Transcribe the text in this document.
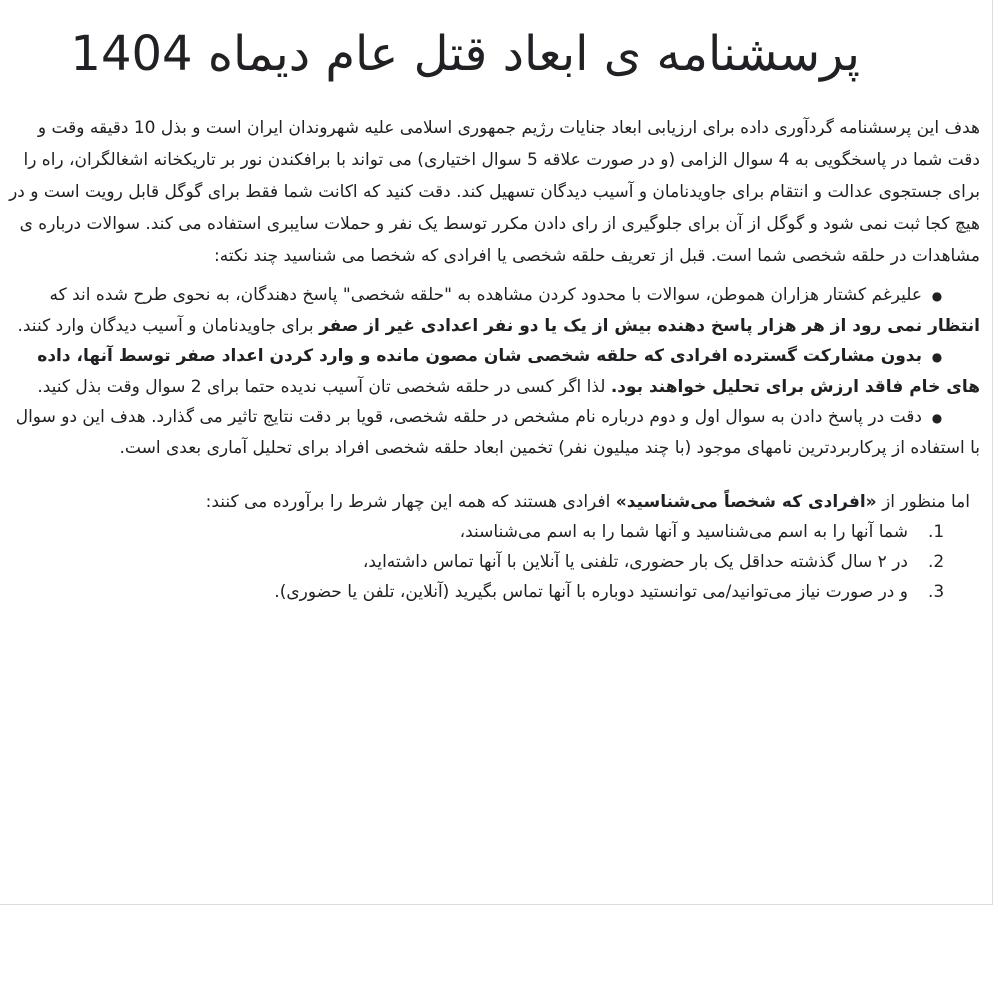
پرسشنامه ی ابعاد قتل عام دیماه 1404
هدف این پرسشنامه گردآوری داده برای ارزیابی ابعاد جنایات رژیم جمهوری اسلامی علیه شهروندان ایران است و بذل 10 دقیقه وقت و دقت شما در پاسخگویی به 4 سوال الزامی (و در صورت علاقه 5 سوال اختیاری) می تواند با برافکندن نور بر تاریکخانه اشغالگران، راه را برای جستجوی عدالت و انتقام برای جاویدنامان و آسیب دیدگان تسهیل کند. دقت کنید که اکانت شما فقط برای گوگل قابل رویت است و در هیچ کجا ثبت نمی شود و گوگل از آن برای جلوگیری از رای دادن مکرر توسط یک نفر و حملات سایبری استفاده می کند. سوالات درباره ی مشاهدات در حلقه شخصی شما است. قبل از تعریف حلقه شخصی یا افرادی که شخصا می شناسید چند نکته:
●علیرغم کشتار هزاران هموطن، سوالات با محدود کردن مشاهده به "حلقه شخصی" پاسخ دهندگان، به نحوی طرح شده اند که انتظار نمی رود از هر هزار پاسخ دهنده بیش از یک یا دو نفر اعدادی غیر از صفر برای جاویدنامان و آسیب دیدگان وارد کنند.
●بدون مشارکت گسترده افرادی که حلقه شخصی شان مصون مانده و وارد کردن اعداد صفر توسط آنها، داده های خام فاقد ارزش برای تحلیل خواهند بود. لذا اگر کسی در حلقه شخصی تان آسیب ندیده حتما برای 2 سوال وقت بذل کنید.
●دقت در پاسخ دادن به سوال اول و دوم درباره نام مشخص در حلقه شخصی، قویا بر دقت نتایج تاثیر می گذارد. هدف این دو سوال با استفاده از پرکاربردترین نامهای موجود (با چند میلیون نفر) تخمین ابعاد حلقه شخصی افراد برای تحلیل آماری بعدی است.
اما منظور از «افرادی که شخصاً می‌شناسید» افرادی هستند که همه این چهار شرط را برآورده می کنند:
1.شما آنها را به اسم می‌شناسید و آنها شما را به اسم می‌شناسند،
2.در ۲ سال گذشته حداقل یک بار حضوری، تلفنی یا آنلاین با آنها تماس داشته‌اید،
3.و در صورت نیاز می‌توانید/می توانستید دوباره با آنها تماس بگیرید (آنلاین، تلفن یا حضوری).
